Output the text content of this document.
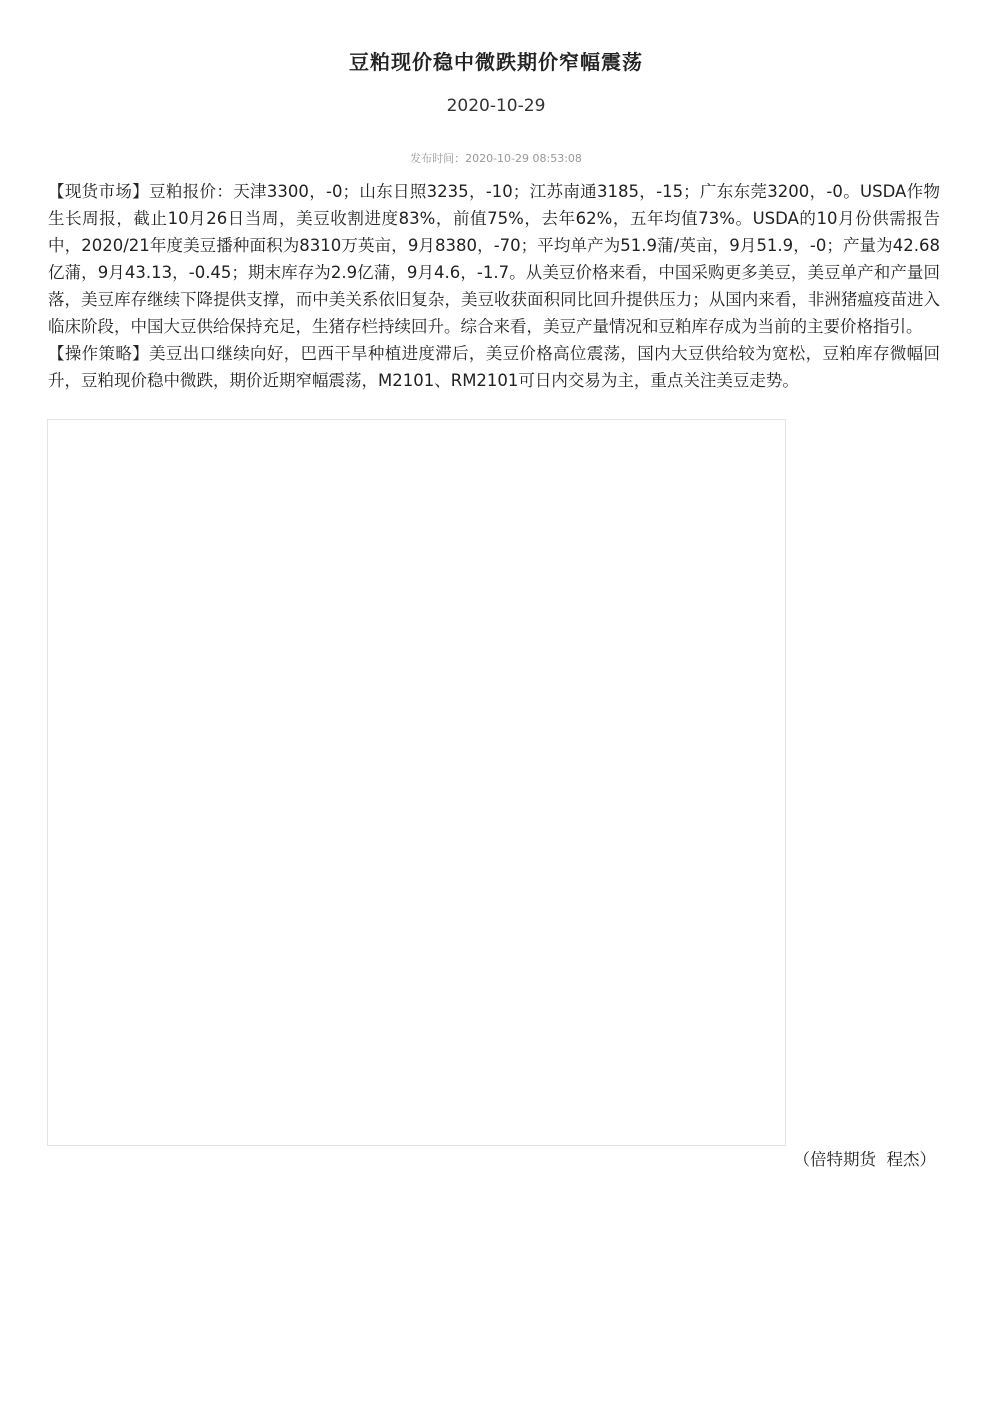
豆粕现价稳中微跌期价窄幅震荡
2020-10-29
发布时间：2020-10-29 08:53:08

【现货市场】豆粕报价：天津3300，-0；山东日照3235，-10；江苏南通3185，-15；广东东莞3200，-0。USDA作物生长周报，截止10月26日当周，美豆收割进度83%，前值75%，去年62%，五年均值73%。USDA的10月份供需报告中，2020/21年度美豆播种面积为8310万英亩，9月8380，-70；平均单产为51.9蒲/英亩，9月51.9，-0；产量为42.68亿蒲，9月43.13，-0.45；期末库存为2.9亿蒲，9月4.6，-1.7。从美豆价格来看，中国采购更多美豆，美豆单产和产量回落，美豆库存继续下降提供支撑，而中美关系依旧复杂，美豆收获面积同比回升提供压力；从国内来看，非洲猪瘟疫苗进入临床阶段，中国大豆供给保持充足，生猪存栏持续回升。综合来看，美豆产量情况和豆粕库存成为当前的主要价格指引。

【操作策略】美豆出口继续向好，巴西干旱种植进度滞后，美豆价格高位震荡，国内大豆供给较为宽松，豆粕库存微幅回升，豆粕现价稳中微跌，期价近期窄幅震荡，M2101、RM2101可日内交易为主，重点关注美豆走势。

（倍特期货  程杰）
